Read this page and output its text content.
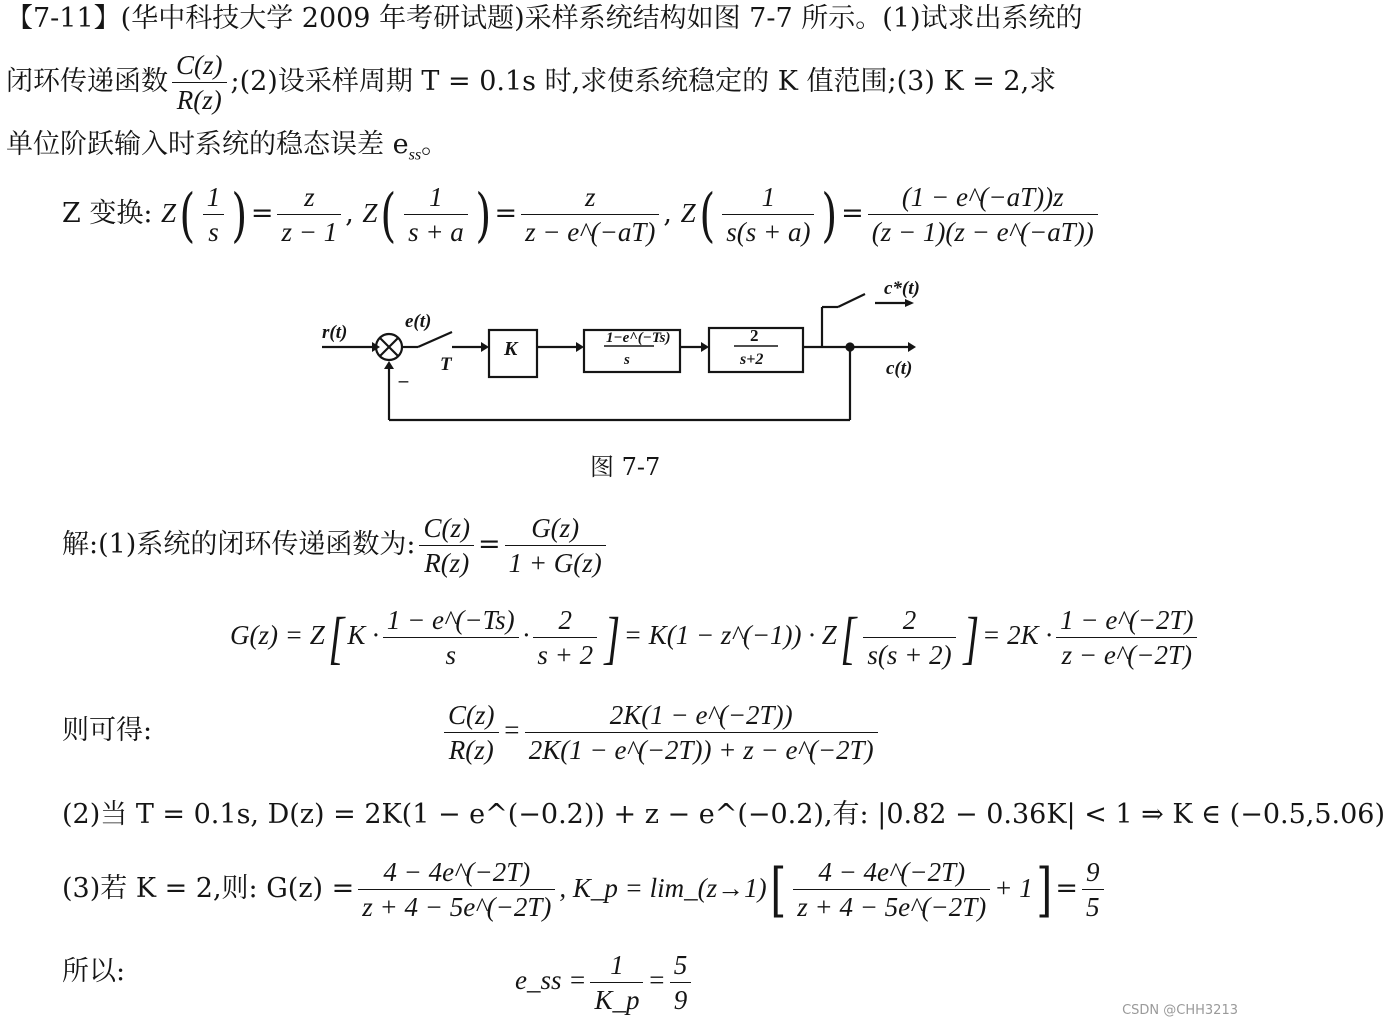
【7-11】(华中科技大学 2009 年考研试题)采样系统结构如图 7-7 所示。(1)试求出系统的
闭环传递函数 $\frac{C(z)}{R(z)}$ ;(2)设采样周期 T = 0.1s 时,求使系统稳定的 K 值范围;(3) K = 2,求
单位阶跃输入时系统的稳态误差 $e_{ss}$。
Z 变换: $Z( \frac{1}{s}$ ) = $\frac{z}{z - 1}$ , $Z( \frac{1}{s + a}$ ) = $\frac{z}{z - e\^{}(-aT)}$ , $Z( \frac{1}{s(s + a)}$ ) = $\frac{(1 - e\^{}(-aT))z}{(z - 1)(z - e\^{}(-aT))}$
r(t)
e(t)
_ T
K	1−e^(−Ts)
s
2
s+2
c*(t)
c(t)
图 7-7
解:(1)系统的闭环传递函数为: $\frac{C(z)}{R(z)} = \frac{G(z)}{1 + G(z)}$
G(z) = Z[ $K \cdot \frac{1 - e\^{}(-Ts)}{s} \cdot \frac{2}{s + 2}$ ] = K(1 − z^(−1)) · $Z[ \frac{2}{s(s + 2)}$ ] = $2K \cdot \frac{1 - e\^{}(-2T)}{z - e\^{}(-2T)}$
则可得:	$\frac{C(z)}{R(z)} = \frac{2K(1 - e\^{}(-2T))}{2K(1 - e\^{}(-2T)) + z - e\^{}(-2T)}$
(2)当 T = 0.1s, D(z) = 2K(1 − e^(−0.2)) + z − e^(−0.2),有: |0.82 − 0.36K| < 1 ⇒ K ∈ (−0.5,5.06)
(3)若 K = 2,则: $G(z) = \frac{4 - 4e\^{}(-2T)}{z + 4 - 5e\^{}(-2T)}$ , K_p = lim_(z→1)[ $\frac{4 - 4e\^{}(-2T)}{z + 4 - 5e\^{}(-2T)} + 1] = \frac{9}{5}$
所以:	e_ss = $\frac{1}{K\_p} = \frac{5}{9}$	CSDN @CHH3213
